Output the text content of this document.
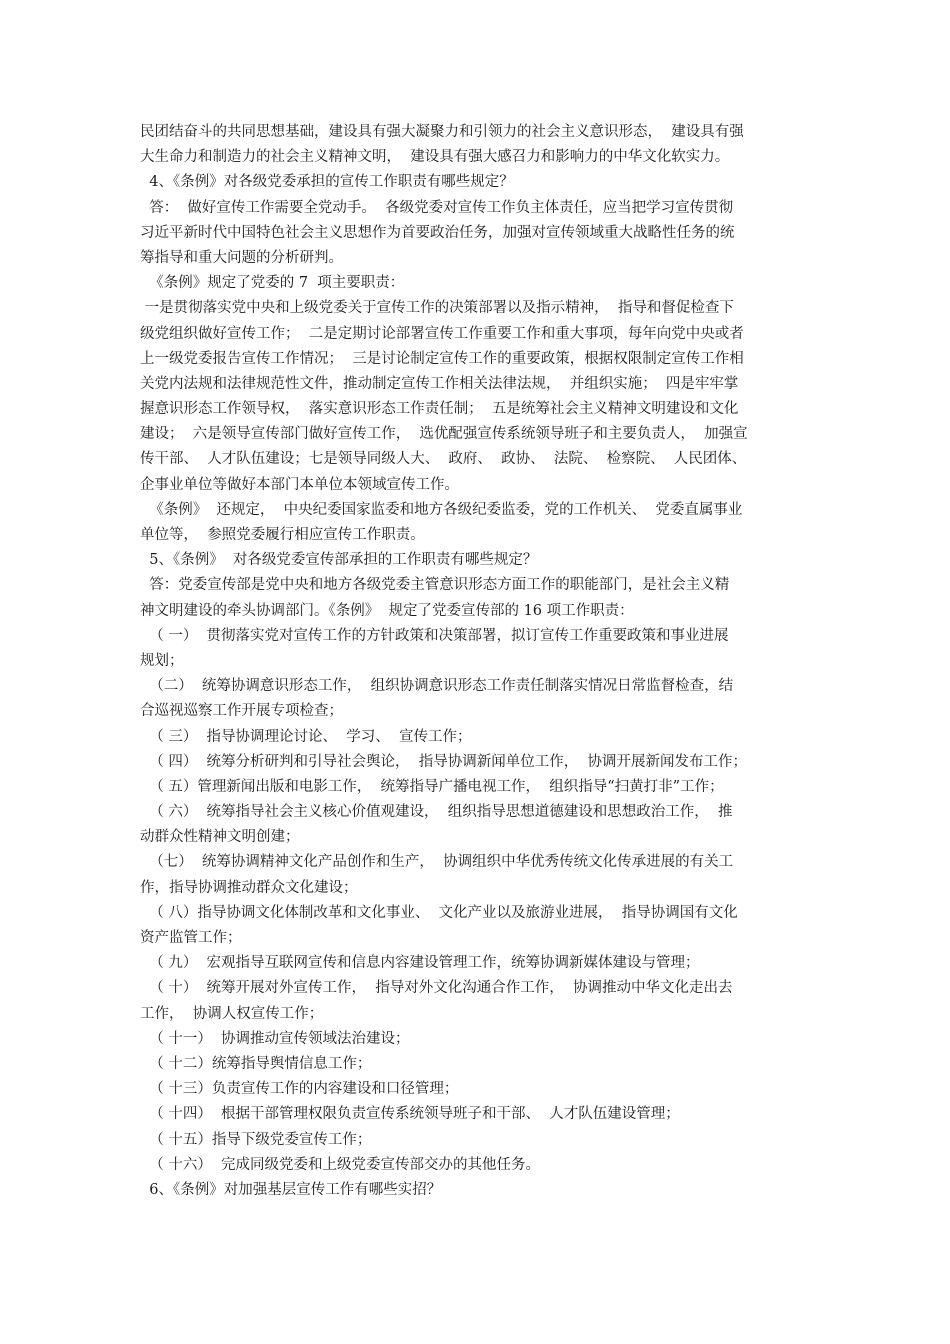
民团结奋斗的共同思想基础，建设具有强大凝聚力和引领力的社会主义意识形态，  建设具有强
大生命力和制造力的社会主义精神文明，  建设具有强大感召力和影响力的中华文化软实力。
4、《条例》对各级党委承担的宣传工作职责有哪些规定？
答：  做好宣传工作需要全党动手。  各级党委对宣传工作负主体责任，应当把学习宣传贯彻
习近平新时代中国特色社会主义思想作为首要政治任务，加强对宣传领域重大战略性任务的统
筹指导和重大问题的分析研判。
《条例》规定了党委的 7  项主要职责：
一是贯彻落实党中央和上级党委关于宣传工作的决策部署以及指示精神，  指导和督促检查下
级党组织做好宣传工作；  二是定期讨论部署宣传工作重要工作和重大事项，每年向党中央或者
上一级党委报告宣传工作情况；  三是讨论制定宣传工作的重要政策，根据权限制定宣传工作相
关党内法规和法律规范性文件，推动制定宣传工作相关法律法规，  并组织实施；  四是牢牢掌
握意识形态工作领导权，  落实意识形态工作责任制；  五是统筹社会主义精神文明建设和文化
建设；  六是领导宣传部门做好宣传工作，  选优配强宣传系统领导班子和主要负责人，  加强宣
传干部、  人才队伍建设；七是领导同级人大、  政府、  政协、  法院、  检察院、  人民团体、
企事业单位等做好本部门本单位本领域宣传工作。
《条例》  还规定，  中央纪委国家监委和地方各级纪委监委，党的工作机关、  党委直属事业
单位等，  参照党委履行相应宣传工作职责。
5、《条例》  对各级党委宣传部承担的工作职责有哪些规定？
答：党委宣传部是党中央和地方各级党委主管意识形态方面工作的职能部门，是社会主义精
神文明建设的牵头协调部门。《条例》  规定了党委宣传部的 16 项工作职责：
（ 一）  贯彻落实党对宣传工作的方针政策和决策部署，拟订宣传工作重要政策和事业进展
规划；
（二）  统筹协调意识形态工作，  组织协调意识形态工作责任制落实情况日常监督检查，结
合巡视巡察工作开展专项检查；
（ 三）  指导协调理论讨论、  学习、  宣传工作；
（ 四）  统筹分析研判和引导社会舆论，  指导协调新闻单位工作，  协调开展新闻发布工作；
（ 五）管理新闻出版和电影工作，  统筹指导广播电视工作，  组织指导“扫黄打非”工作；
（ 六）  统筹指导社会主义核心价值观建设，  组织指导思想道德建设和思想政治工作，  推
动群众性精神文明创建；
（七）  统筹协调精神文化产品创作和生产，  协调组织中华优秀传统文化传承进展的有关工
作，指导协调推动群众文化建设；
（ 八）指导协调文化体制改革和文化事业、  文化产业以及旅游业进展，  指导协调国有文化
资产监管工作；
（ 九）  宏观指导互联网宣传和信息内容建设管理工作，统筹协调新媒体建设与管理；
（ 十）  统筹开展对外宣传工作，  指导对外文化沟通合作工作，  协调推动中华文化走出去
工作，  协调人权宣传工作；
（ 十一）  协调推动宣传领域法治建设；
（ 十二）统筹指导舆情信息工作；
（ 十三）负责宣传工作的内容建设和口径管理；
（ 十四）  根据干部管理权限负责宣传系统领导班子和干部、  人才队伍建设管理；
（ 十五）指导下级党委宣传工作；
（ 十六）  完成同级党委和上级党委宣传部交办的其他任务。
6、《条例》对加强基层宣传工作有哪些实招？
